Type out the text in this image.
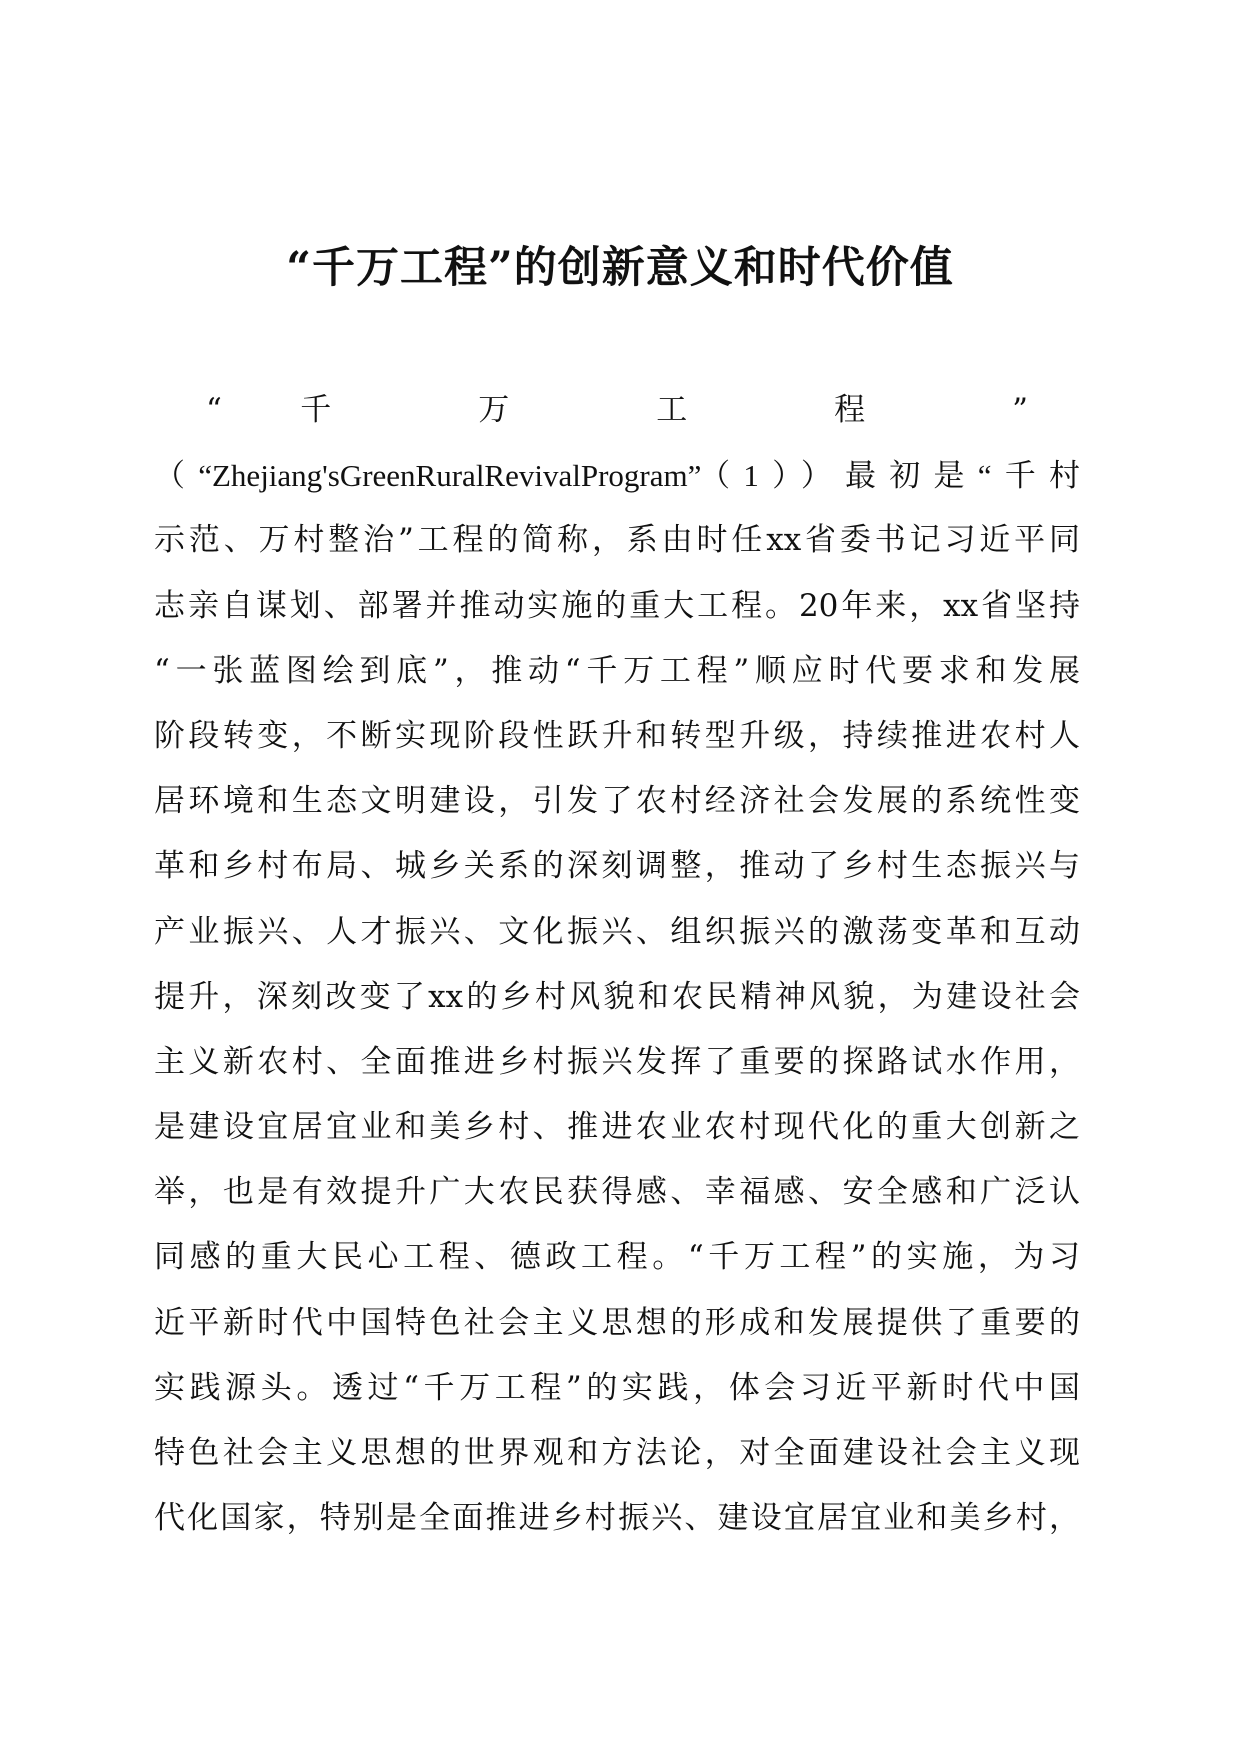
“千万工程”的创新意义和时代价值
“ 千 万 工 程 ”
（“Zhejiang'sGreenRuralRevivalProgram”（1））最初是“千村
示范、万村整治”工程的简称，系由时任xx省委书记习近平同
志亲自谋划、部署并推动实施的重大工程。20年来，xx省坚持
“一张蓝图绘到底”，推动“千万工程”顺应时代要求和发展
阶段转变，不断实现阶段性跃升和转型升级，持续推进农村人
居环境和生态文明建设，引发了农村经济社会发展的系统性变
革和乡村布局、城乡关系的深刻调整，推动了乡村生态振兴与
产业振兴、人才振兴、文化振兴、组织振兴的激荡变革和互动
提升，深刻改变了xx的乡村风貌和农民精神风貌，为建设社会
主义新农村、全面推进乡村振兴发挥了重要的探路试水作用，
是建设宜居宜业和美乡村、推进农业农村现代化的重大创新之
举，也是有效提升广大农民获得感、幸福感、安全感和广泛认
同感的重大民心工程、德政工程。“千万工程”的实施，为习
近平新时代中国特色社会主义思想的形成和发展提供了重要的
实践源头。透过“千万工程”的实践，体会习近平新时代中国
特色社会主义思想的世界观和方法论，对全面建设社会主义现
代化国家，特别是全面推进乡村振兴、建设宜居宜业和美乡村，
